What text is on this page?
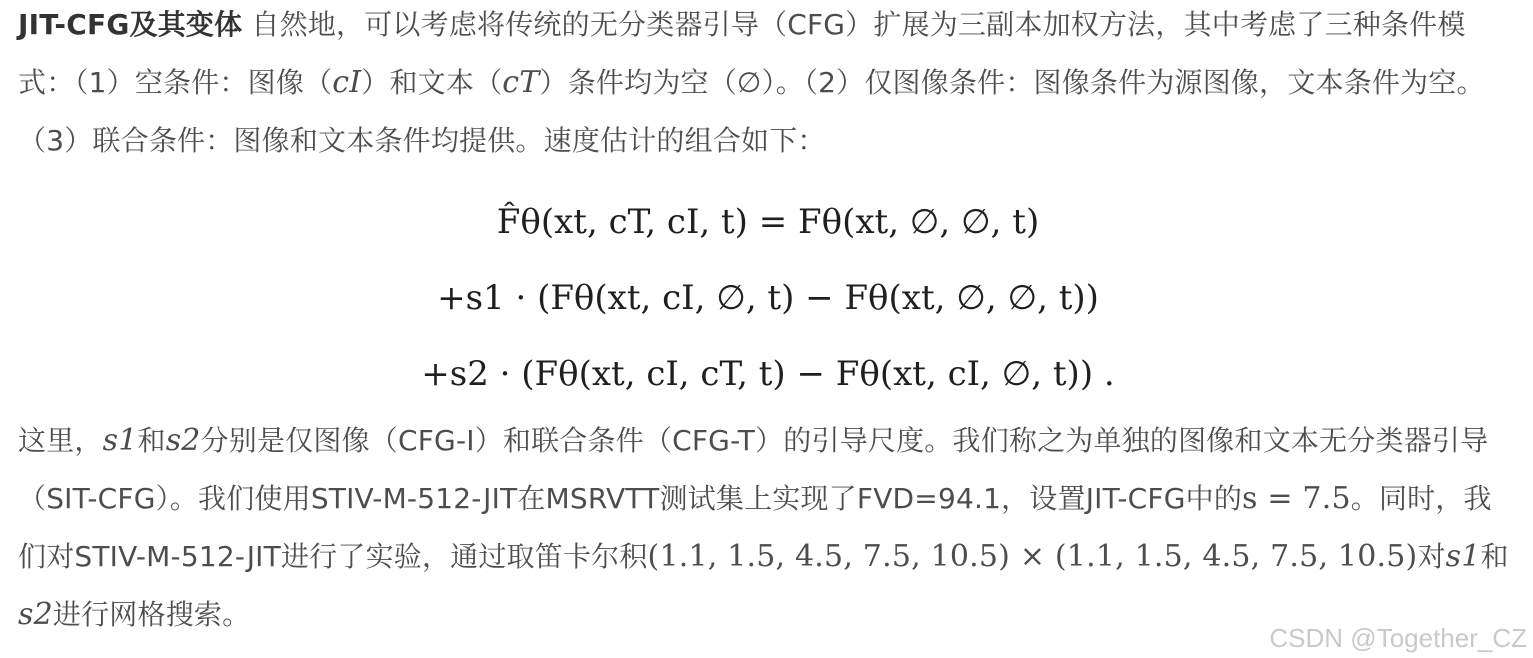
JIT-CFG及其变体 自然地，可以考虑将传统的无分类器引导（CFG）扩展为三副本加权方法，其中考虑了三种条件模式：（1）空条件：图像（cI）和文本（cT）条件均为空（∅）。（2）仅图像条件：图像条件为源图像，文本条件为空。（3）联合条件：图像和文本条件均提供。速度估计的组合如下：

F̂θ(xt, cT, cI, t) = Fθ(xt, ∅, ∅, t)
+s1 · (Fθ(xt, cI, ∅, t) − Fθ(xt, ∅, ∅, t))
+s2 · (Fθ(xt, cI, cT, t) − Fθ(xt, cI, ∅, t)) .

这里，s1和s2分别是仅图像（CFG-I）和联合条件（CFG-T）的引导尺度。我们称之为单独的图像和文本无分类器引导（SIT-CFG）。我们使用STIV-M-512-JIT在MSRVTT测试集上实现了FVD=94.1，设置JIT-CFG中的s = 7.5。同时，我们对STIV-M-512-JIT进行了实验，通过取笛卡尔积(1.1, 1.5, 4.5, 7.5, 10.5) × (1.1, 1.5, 4.5, 7.5, 10.5)对s1和s2进行网格搜索。

CSDN @Together_CZ
